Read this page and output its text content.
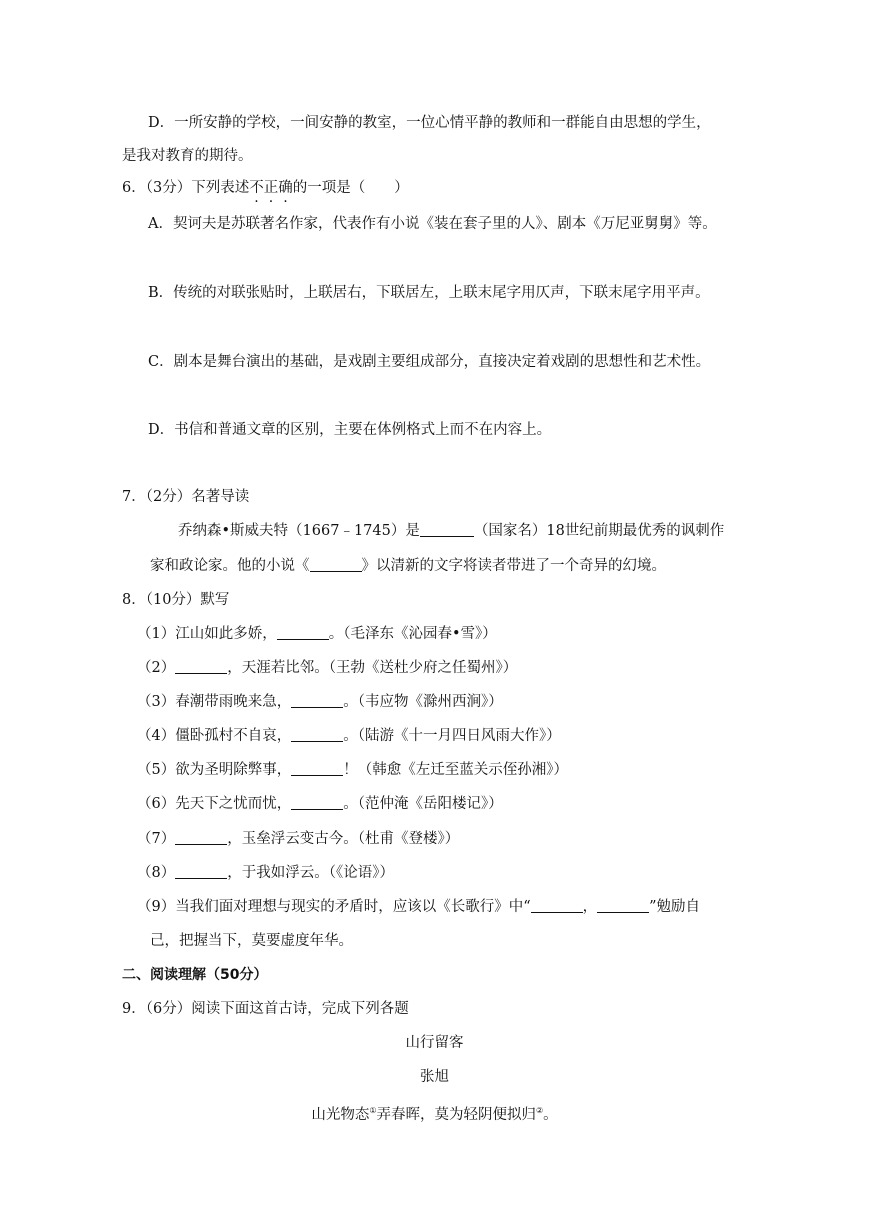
D．一所安静的学校，一间安静的教室，一位心情平静的教师和一群能自由思想的学生，
是我对教育的期待。
6．（3分）下列表述不正确的一项是（　　）
A．契诃夫是苏联著名作家，代表作有小说《装在套子里的人》、剧本《万尼亚舅舅》等。
B．传统的对联张贴时，上联居右，下联居左，上联末尾字用仄声，下联末尾字用平声。
C．剧本是舞台演出的基础，是戏剧主要组成部分，直接决定着戏剧的思想性和艺术性。
D．书信和普通文章的区别，主要在体例格式上而不在内容上。
7．（2分）名著导读
乔纳森•斯威夫特（1667﹣1745）是	（国家名）18世纪前期最优秀的讽刺作
家和政论家。他的小说《	》以清新的文字将读者带进了一个奇异的幻境。
8．（10分）默写
（1）江山如此多娇，	。（毛泽东《沁园春•雪》）
（2）	，天涯若比邻。（王勃《送杜少府之任蜀州》）
（3）春潮带雨晚来急，	。（韦应物《滁州西涧》）
（4）僵卧孤村不自哀，	。（陆游《十一月四日风雨大作》）
（5）欲为圣明除弊事，	！（韩愈《左迁至蓝关示侄孙湘》）
（6）先天下之忧而忧，	。（范仲淹《岳阳楼记》）
（7）	，玉垒浮云变古今。（杜甫《登楼》）
（8）	，于我如浮云。（《论语》）
（9）当我们面对理想与现实的矛盾时，应该以《长歌行》中“	，	”勉励自
己，把握当下，莫要虚度年华。
二、阅读理解（50分）
9．（6分）阅读下面这首古诗，完成下列各题
山行留客
张旭
山光物态①弄春晖，莫为轻阴便拟归②。
